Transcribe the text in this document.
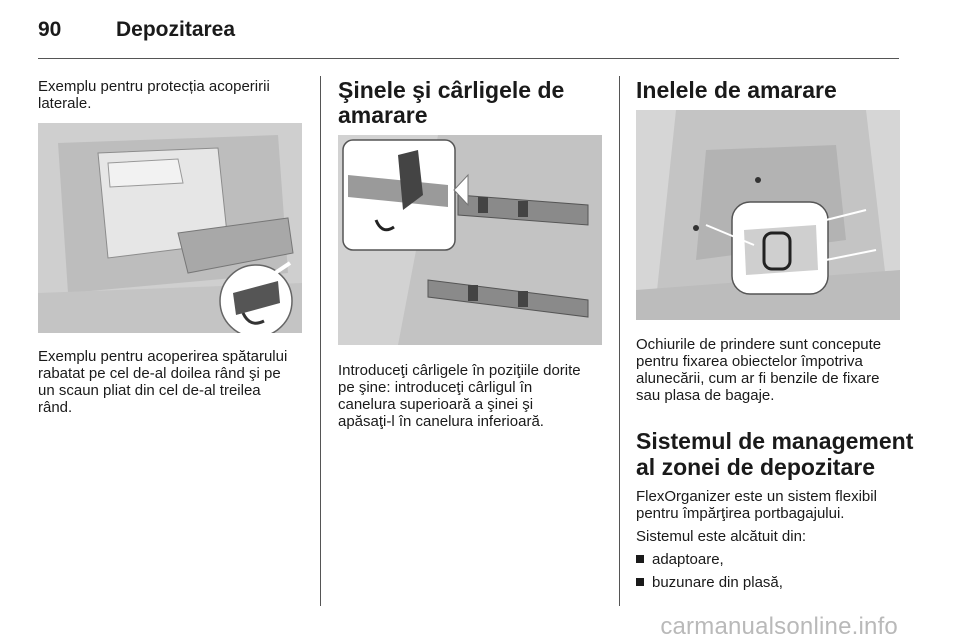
90	Depozitarea

Exemplu pentru protecția acoperirii

laterale.

Exemplu pentru acoperirea spătarului

rabatat pe cel de-al doilea rând şi pe

un scaun pliat din cel de-al treilea

rând.

Şinele şi cârligele de
amarare

Introduceţi cârligele în poziţiile dorite

pe şine: introduceţi cârligul în

canelura superioară a şinei şi

apăsaţi-l în canelura inferioară.

Inelele de amarare

Ochiurile de prindere sunt concepute

pentru fixarea obiectelor împotriva

alunecării, cum ar fi benzile de fixare

sau plasa de bagaje.

Sistemul de management
al zonei de depozitare

FlexOrganizer este un sistem flexibil

pentru împărţirea portbagajului.

Sistemul este alcătuit din:

adaptoare,
buzunare din plasă,
carmanualsonline.info
